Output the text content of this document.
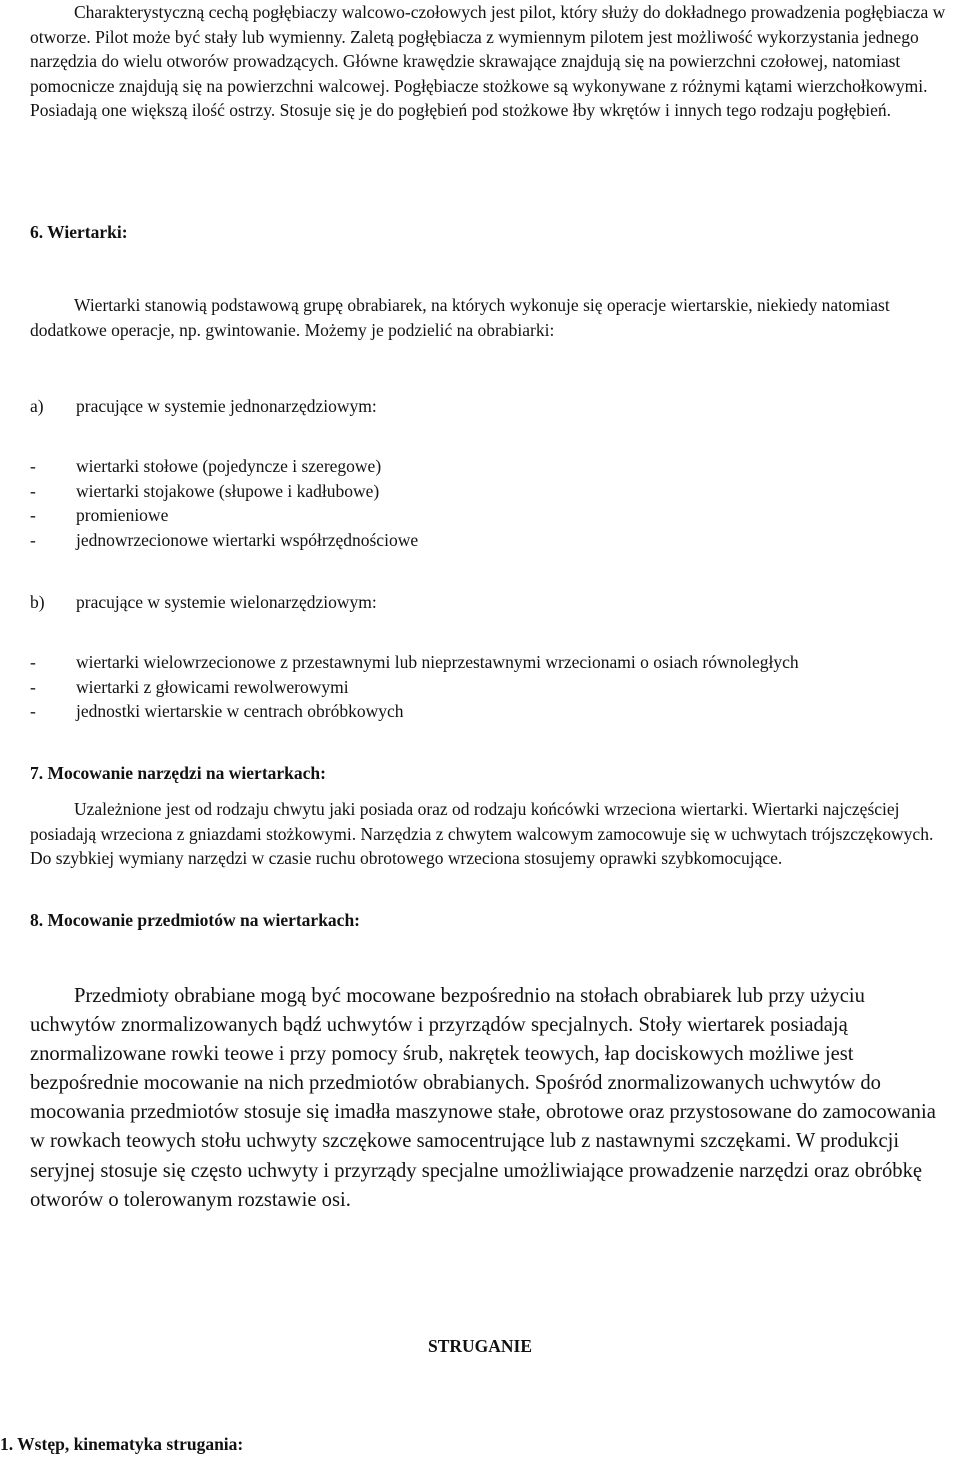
Charakterystyczną cechą pogłębiaczy walcowo-czołowych jest pilot, który służy do dokładnego prowadzenia pogłębiacza w otworze. Pilot może być stały lub wymienny. Zaletą pogłębiacza z wymiennym pilotem jest możliwość wykorzystania jednego narzędzia do wielu otworów prowadzących. Główne krawędzie skrawające znajdują się na powierzchni czołowej, natomiast pomocnicze znajdują się na powierzchni walcowej. Pogłębiacze stożkowe są wykonywane z różnymi kątami wierzchołkowymi. Posiadają one większą ilość ostrzy. Stosuje się je do pogłębień pod stożkowe łby wkrętów i innych tego rodzaju pogłębień.

6. Wiertarki:

Wiertarki stanowią podstawową grupę obrabiarek, na których wykonuje się operacje wiertarskie, niekiedy natomiast dodatkowe operacje, np. gwintowanie. Możemy je podzielić na obrabiarki:

a)	pracujące w systemie jednonarzędziowym:
-	wiertarki stołowe (pojedyncze i szeregowe)
-	wiertarki stojakowe (słupowe i kadłubowe)
-	promieniowe
-	jednowrzecionowe wiertarki współrzędnościowe
b)	pracujące w systemie wielonarzędziowym:
-	wiertarki wielowrzecionowe z przestawnymi lub nieprzestawnymi wrzecionami o osiach równoległych
-	wiertarki z głowicami rewolwerowymi
-	jednostki wiertarskie w centrach obróbkowych

7. Mocowanie narzędzi na wiertarkach:

Uzależnione jest od rodzaju chwytu jaki posiada oraz od rodzaju końcówki wrzeciona wiertarki. Wiertarki najczęściej posiadają wrzeciona z gniazdami stożkowymi. Narzędzia z chwytem walcowym zamocowuje się w uchwytach trójszczękowych. Do szybkiej wymiany narzędzi w czasie ruchu obrotowego wrzeciona stosujemy oprawki szybkomocujące.

8. Mocowanie przedmiotów na wiertarkach:

Przedmioty obrabiane mogą być mocowane bezpośrednio na stołach obrabiarek lub przy użyciu uchwytów znormalizowanych bądź uchwytów i przyrządów specjalnych. Stoły wiertarek posiadają znormalizowane rowki teowe i przy pomocy śrub, nakrętek teowych, łap dociskowych możliwe jest bezpośrednie mocowanie na nich przedmiotów obrabianych. Spośród znormalizowanych uchwytów do mocowania przedmiotów stosuje się imadła maszynowe stałe, obrotowe oraz przystosowane do zamocowania w rowkach teowych stołu uchwyty szczękowe samocentrujące lub z nastawnymi szczękami. W produkcji seryjnej stosuje się często uchwyty i przyrządy specjalne umożliwiające prowadzenie narzędzi oraz obróbkę otworów o tolerowanym rozstawie osi.

STRUGANIE

1. Wstęp, kinematyka strugania:
